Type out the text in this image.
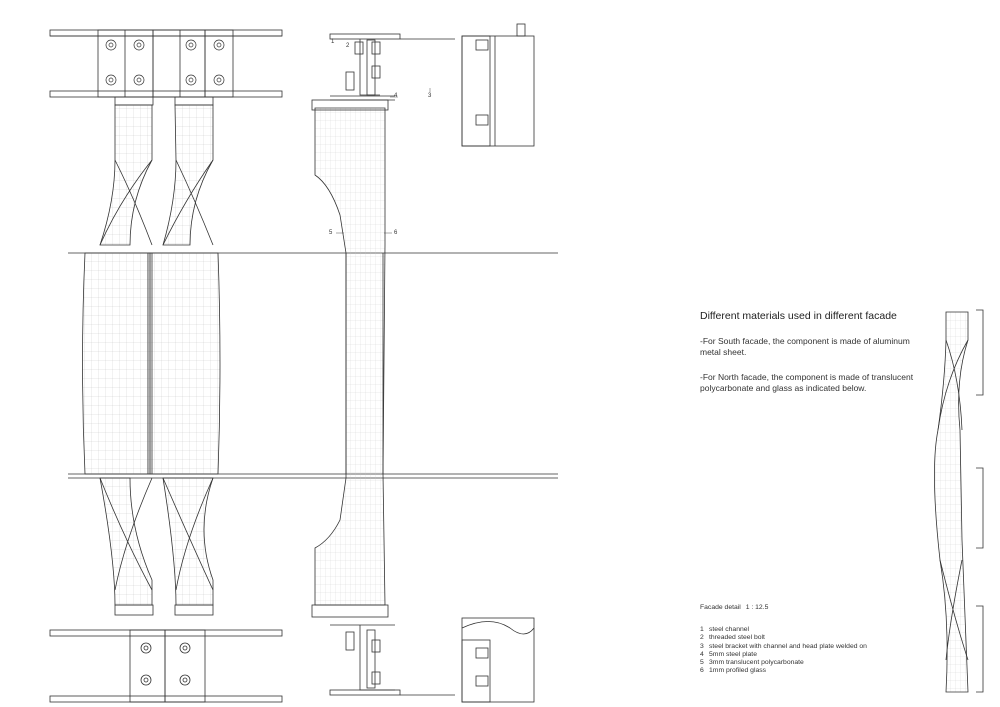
1
2
4	3
5	6
Different materials used in different facade

-For South facade, the component is made of aluminum metal sheet.

-For North facade, the component is made of translucent polycarbonate and glass as indicated below.

Facade detail 1 : 12.5
1 steel channel
2 threaded steel bolt
3 steel bracket with channel and head plate welded on
4 5mm steel plate
5 3mm translucent polycarbonate
6 1mm profiled glass
